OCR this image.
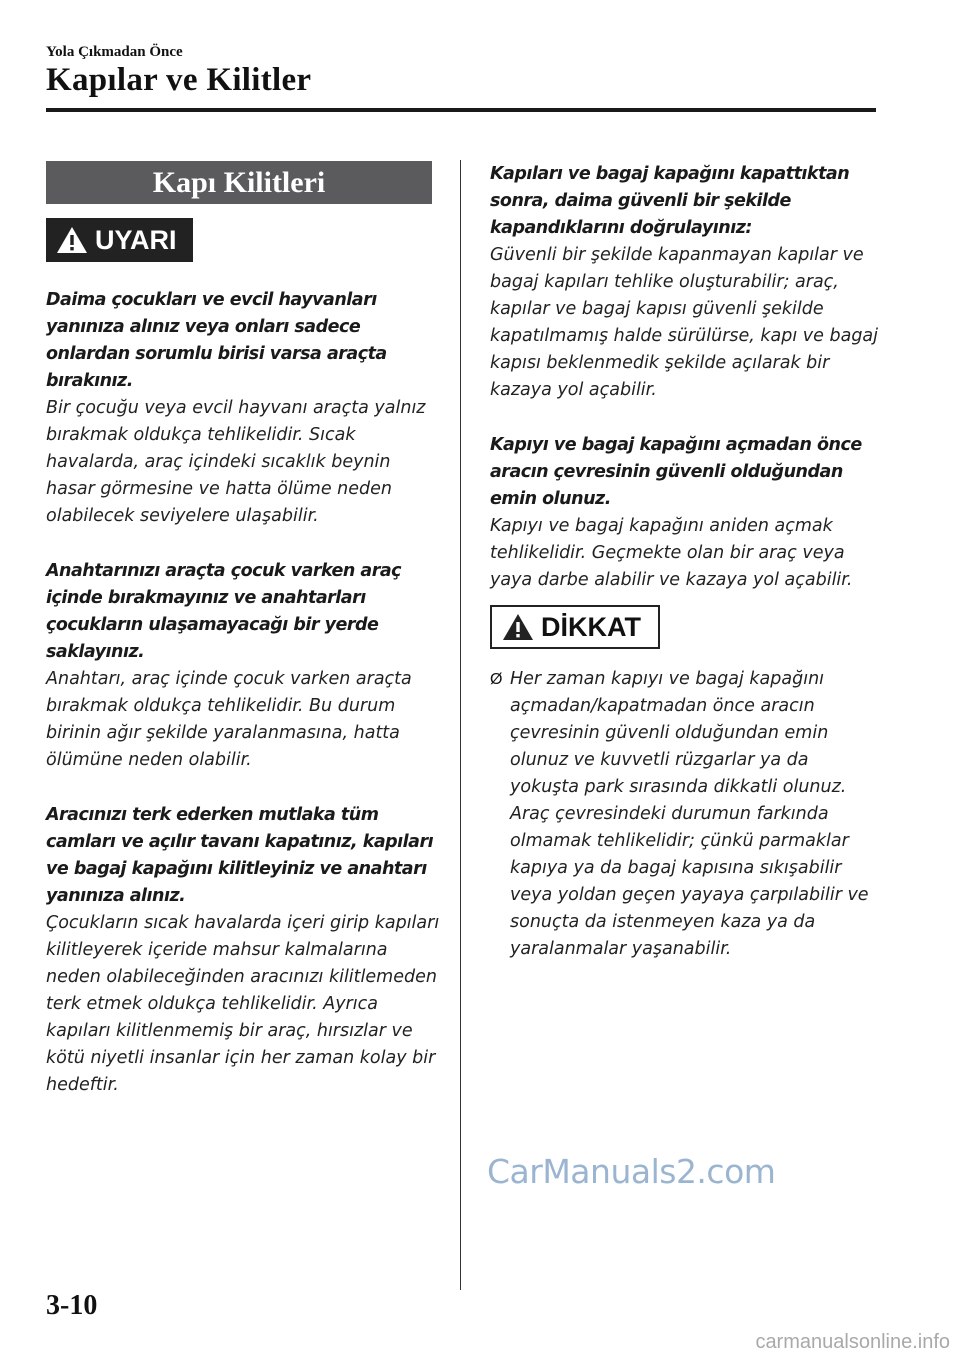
Yola Çıkmadan Önce
Kapılar ve Kilitler
Kapı Kilitleri
UYARI

Daima çocukları ve evcil hayvanları yanınıza alınız veya onları sadece onlardan sorumlu birisi varsa araçta bırakınız.

Bir çocuğu veya evcil hayvanı araçta yalnız bırakmak oldukça tehlikelidir. Sıcak havalarda, araç içindeki sıcaklık beynin hasar görmesine ve hatta ölüme neden olabilecek seviyelere ulaşabilir.

Anahtarınızı araçta çocuk varken araç içinde bırakmayınız ve anahtarları çocukların ulaşamayacağı bir yerde saklayınız.

Anahtarı, araç içinde çocuk varken araçta bırakmak oldukça tehlikelidir. Bu durum birinin ağır şekilde yaralanmasına, hatta ölümüne neden olabilir.

Aracınızı terk ederken mutlaka tüm camları ve açılır tavanı kapatınız, kapıları ve bagaj kapağını kilitleyiniz ve anahtarı yanınıza alınız.

Çocukların sıcak havalarda içeri girip kapıları kilitleyerek içeride mahsur kalmalarına neden olabileceğinden aracınızı kilitlemeden terk etmek oldukça tehlikelidir. Ayrıca kapıları kilitlenmemiş bir araç, hırsızlar ve kötü niyetli insanlar için her zaman kolay bir hedeftir.

Kapıları ve bagaj kapağını kapattıktan sonra, daima güvenli bir şekilde kapandıklarını doğrulayınız:

Güvenli bir şekilde kapanmayan kapılar ve bagaj kapıları tehlike oluşturabilir; araç, kapılar ve bagaj kapısı güvenli şekilde kapatılmamış halde sürülürse, kapı ve bagaj kapısı beklenmedik şekilde açılarak bir kazaya yol açabilir.

Kapıyı ve bagaj kapağını açmadan önce aracın çevresinin güvenli olduğundan emin olunuz.

Kapıyı ve bagaj kapağını aniden açmak tehlikelidir. Geçmekte olan bir araç veya yaya darbe alabilir ve kazaya yol açabilir.

DİKKAT
Ø Her zaman kapıyı ve bagaj kapağını açmadan/kapatmadan önce aracın çevresinin güvenli olduğundan emin olunuz ve kuvvetli rüzgarlar ya da yokuşta park sırasında dikkatli olunuz. Araç çevresindeki durumun farkında olmamak tehlikelidir; çünkü parmaklar kapıya ya da bagaj kapısına sıkışabilir veya yoldan geçen yayaya çarpılabilir ve sonuçta da istenmeyen kaza ya da yaralanmalar yaşanabilir.

CarManuals2.com
3-10
carmanualsonline.info
